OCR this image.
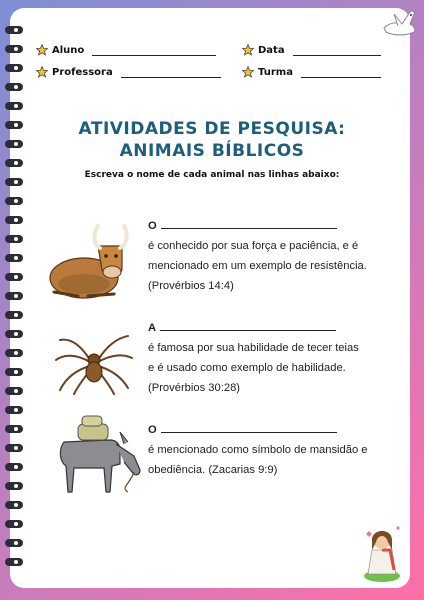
Aluno	Data
Professora	Turma
ATIVIDADES DE PESQUISA:
ANIMAIS BÍBLICOS
Escreva o nome de cada animal nas linhas abaixo:
O
é conhecido por sua força e paciência, e é mencionado em um exemplo de resistência. (Provérbios 14:4)
A
é famosa por sua habilidade de tecer teias e é usado como exemplo de habilidade. (Provérbios 30:28)
O
é mencionado como símbolo de mansidão e obediência. (Zacarias 9:9)
